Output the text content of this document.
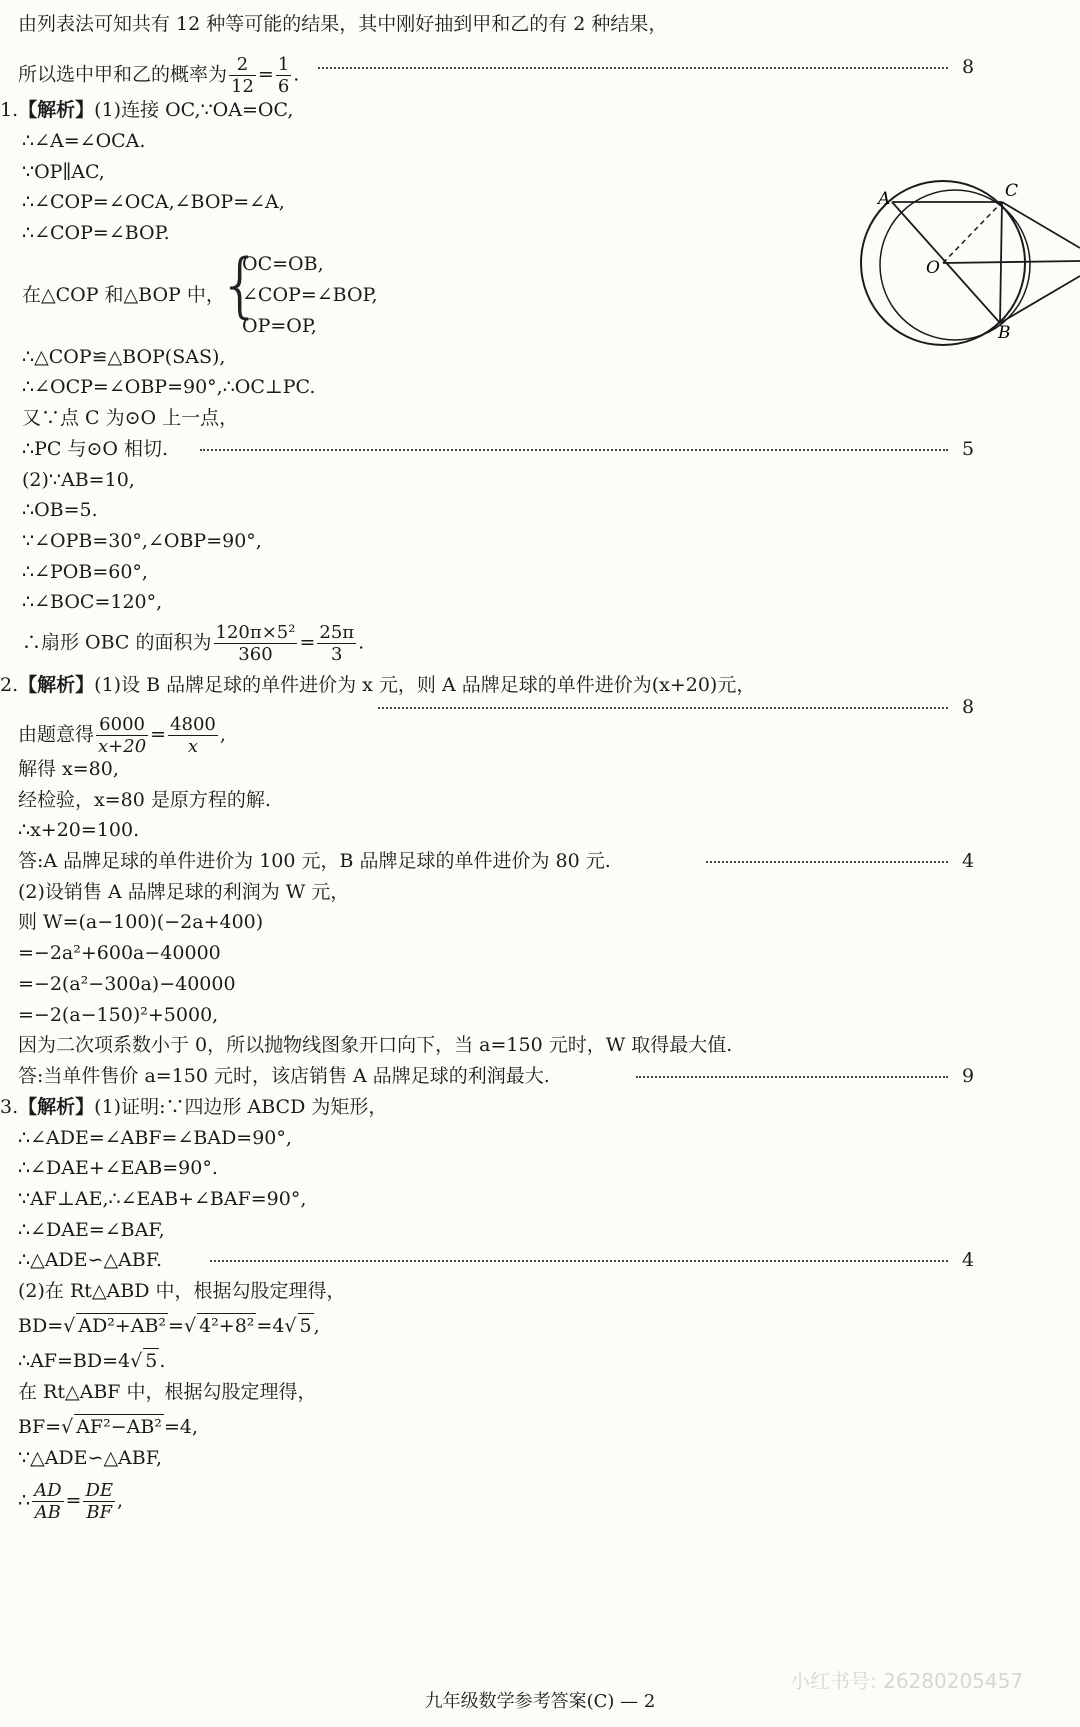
由列表法可知共有 12 种等可能的结果，其中刚好抽到甲和乙的有 2 种结果，
所以选中甲和乙的概率为 $\frac{2}{12} = \frac{1}{6}$ .	8
1.【解析】(1)连接 OC,∵OA=OC,
∴∠A=∠OCA.
∵OP∥AC,
∴∠COP=∠OCA,∠BOP=∠A,
∴∠COP=∠BOP.
在△COP 和△BOP 中，
{
OC=OB,
∠COP=∠BOP,
OP=OP,
∴△COP≌△BOP(SAS),
∴∠OCP=∠OBP=90°,∴OC⊥PC.
又∵点 C 为⊙O 上一点，
∴PC 与⊙O 相切.	5
(2)∵AB=10,
∴OB=5.
∵∠OPB=30°,∠OBP=90°,
∴∠POB=60°,
∴∠BOC=120°,
∴扇形 OBC 的面积为 $\frac{\text{120π×5²}}{360} = \frac{25\pi}{3}$ .
8
A	C
O
B
2.【解析】(1)设 B 品牌足球的单件进价为 x 元，则 A 品牌足球的单件进价为(x+20)元，
由题意得 $\frac{6000}{x+20} = \frac{4800}{x}$ ,
解得 x=80,
经检验，x=80 是原方程的解.
∴x+20=100.
答:A 品牌足球的单件进价为 100 元，B 品牌足球的单件进价为 80 元.	4
(2)设销售 A 品牌足球的利润为 W 元，
则 W=(a−100)(−2a+400)
=−2a²+600a−40000
=−2(a²−300a)−40000
=−2(a−150)²+5000,
因为二次项系数小于 0，所以抛物线图象开口向下，当 a=150 元时，W 取得最大值.
答:当单件售价 a=150 元时，该店销售 A 品牌足球的利润最大.	9
3.【解析】(1)证明:∵四边形 ABCD 为矩形，
∴∠ADE=∠ABF=∠BAD=90°,
∴∠DAE+∠EAB=90°.
∵AF⊥AE,∴∠EAB+∠BAF=90°,
∴∠DAE=∠BAF,
∴△ADE∽△ABF.	4
(2)在 Rt△ABD 中，根据勾股定理得，
BD=√ AD²+AB² =√ 4²+8² =4√ 5 ,
∴AF=BD=4√ 5 .
在 Rt△ABF 中，根据勾股定理得，
BF=√ AF²−AB² =4,
∵△ADE∽△ABF,
∴ $\frac{AD}{AB} = \frac{DE}{BF}$ ,
小红书号: 26280205457
九年级数学参考答案(C) — 2
